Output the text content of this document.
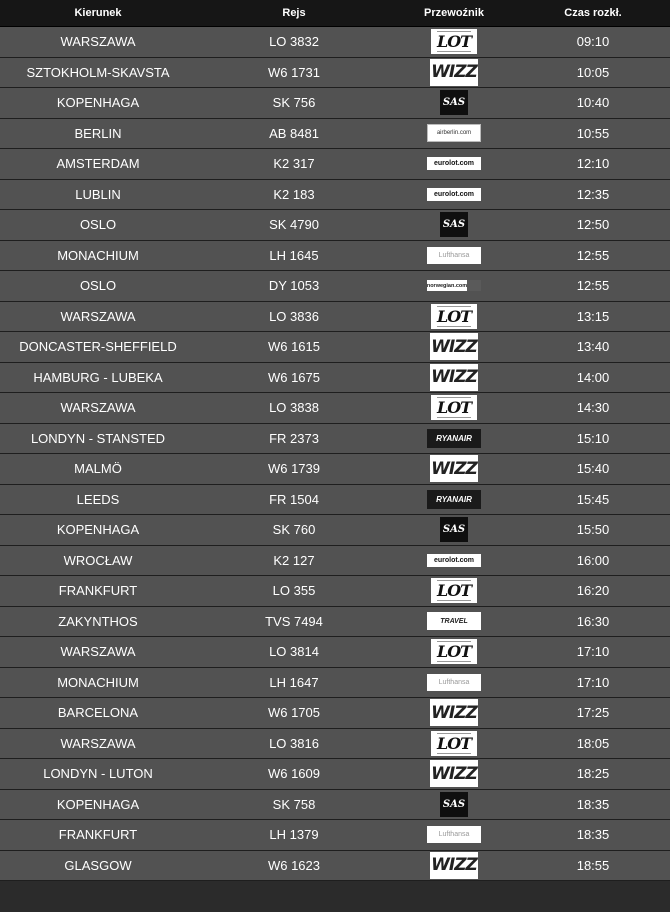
Kierunek	Rejs	Przewoźnik	Czas rozkł.
WARSZAWA	LO 3832	LOT	09:10
SZTOKHOLM-SKAVSTA	W6 1731	WIZZ	10:05
KOPENHAGA	SK 756	SAS	10:40
BERLIN	AB 8481	airberlin.com	10:55
AMSTERDAM	K2 317	eurolot.com	12:10
LUBLIN	K2 183	eurolot.com	12:35
OSLO	SK 4790	SAS	12:50
MONACHIUM	LH 1645	Lufthansa	12:55
OSLO	DY 1053	norwegian.com	12:55
WARSZAWA	LO 3836	LOT	13:15
DONCASTER-SHEFFIELD	W6 1615	WIZZ	13:40
HAMBURG - LUBEKA	W6 1675	WIZZ	14:00
WARSZAWA	LO 3838	LOT	14:30
LONDYN - STANSTED	FR 2373	RYANAIR	15:10
MALMÖ	W6 1739	WIZZ	15:40
LEEDS	FR 1504	RYANAIR	15:45
KOPENHAGA	SK 760	SAS	15:50
WROCŁAW	K2 127	eurolot.com	16:00
FRANKFURT	LO 355	LOT	16:20
ZAKYNTHOS	TVS 7494	TRAVEL	16:30
WARSZAWA	LO 3814	LOT	17:10
MONACHIUM	LH 1647	Lufthansa	17:10
BARCELONA	W6 1705	WIZZ	17:25
WARSZAWA	LO 3816	LOT	18:05
LONDYN - LUTON	W6 1609	WIZZ	18:25
KOPENHAGA	SK 758	SAS	18:35
FRANKFURT	LH 1379	Lufthansa	18:35
GLASGOW	W6 1623	WIZZ	18:55
